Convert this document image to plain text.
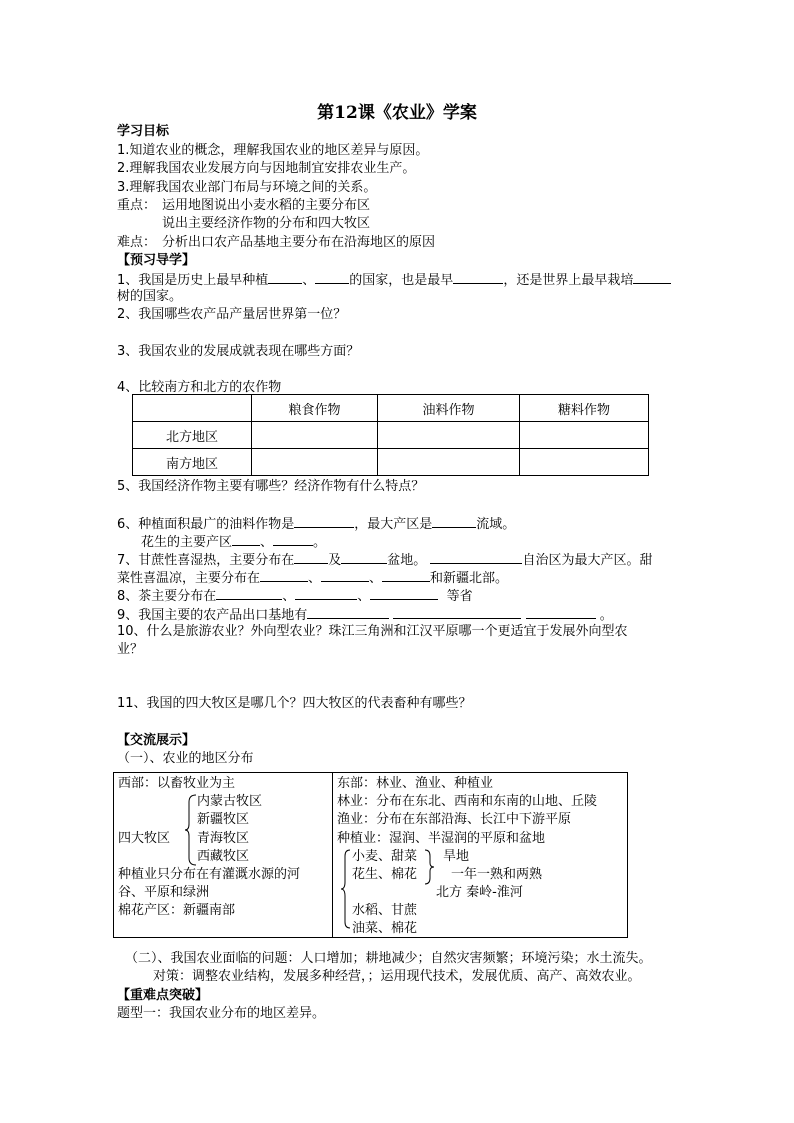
第12课《农业》学案
学习目标
1.知道农业的概念，理解我国农业的地区差异与原因。
2.理解我国农业发展方向与因地制宜安排农业生产。
3.理解我国农业部门布局与环境之间的关系。
重点： 运用地图说出小麦水稻的主要分布区
说出主要经济作物的分布和四大牧区
难点： 分析出口农产品基地主要分布在沿海地区的原因
【预习导学】
1、我国是历史上最早种植	、	的国家，也是最早	，还是世界上最早栽培
树的国家。
2、我国哪些农产品产量居世界第一位？
3、我国农业的发展成就表现在哪些方面？
4、比较南方和北方的农作物
	粮食作物	油料作物	糖料作物
北方地区			
南方地区			
5、我国经济作物主要有哪些？经济作物有什么特点？
6、种植面积最广的油料作物是	，最大产区是	流域。
花生的主要产区 、	。
7、甘蔗性喜湿热，主要分布在	及	盆地。	自治区为最大产区。甜
菜性喜温凉，主要分布在	、	、	和新疆北部。
8、茶主要分布在	、	、	等省
9、我国主要的农产品出口基地有	。
10、什么是旅游农业？外向型农业？珠江三角洲和江汉平原哪一个更适宜于发展外向型农
业？
11、我国的四大牧区是哪几个？四大牧区的代表畜种有哪些？
【交流展示】
（一）、农业的地区分布
西部：以畜牧业为主
内蒙古牧区
新疆牧区
青海牧区
西藏牧区
四大牧区
种植业只分布在有灌溉水源的河
谷、平原和绿洲
棉花产区：新疆南部
东部：林业、渔业、种植业
林业：分布在东北、西南和东南的山地、丘陵
渔业：分布在东部沿海、长江中下游平原
种植业：湿润、半湿润的平原和盆地
小麦、甜菜
花生、棉花
旱地
一年一熟和两熟
北方 秦岭-淮河
水稻、甘蔗
油菜、棉花
（二）、我国农业面临的问题：人口增加；耕地减少；自然灾害频繁；环境污染；水土流失。
对策：调整农业结构，发展多种经营，；运用现代技术，发展优质、高产、高效农业。
【重难点突破】
题型一：我国农业分布的地区差异。
